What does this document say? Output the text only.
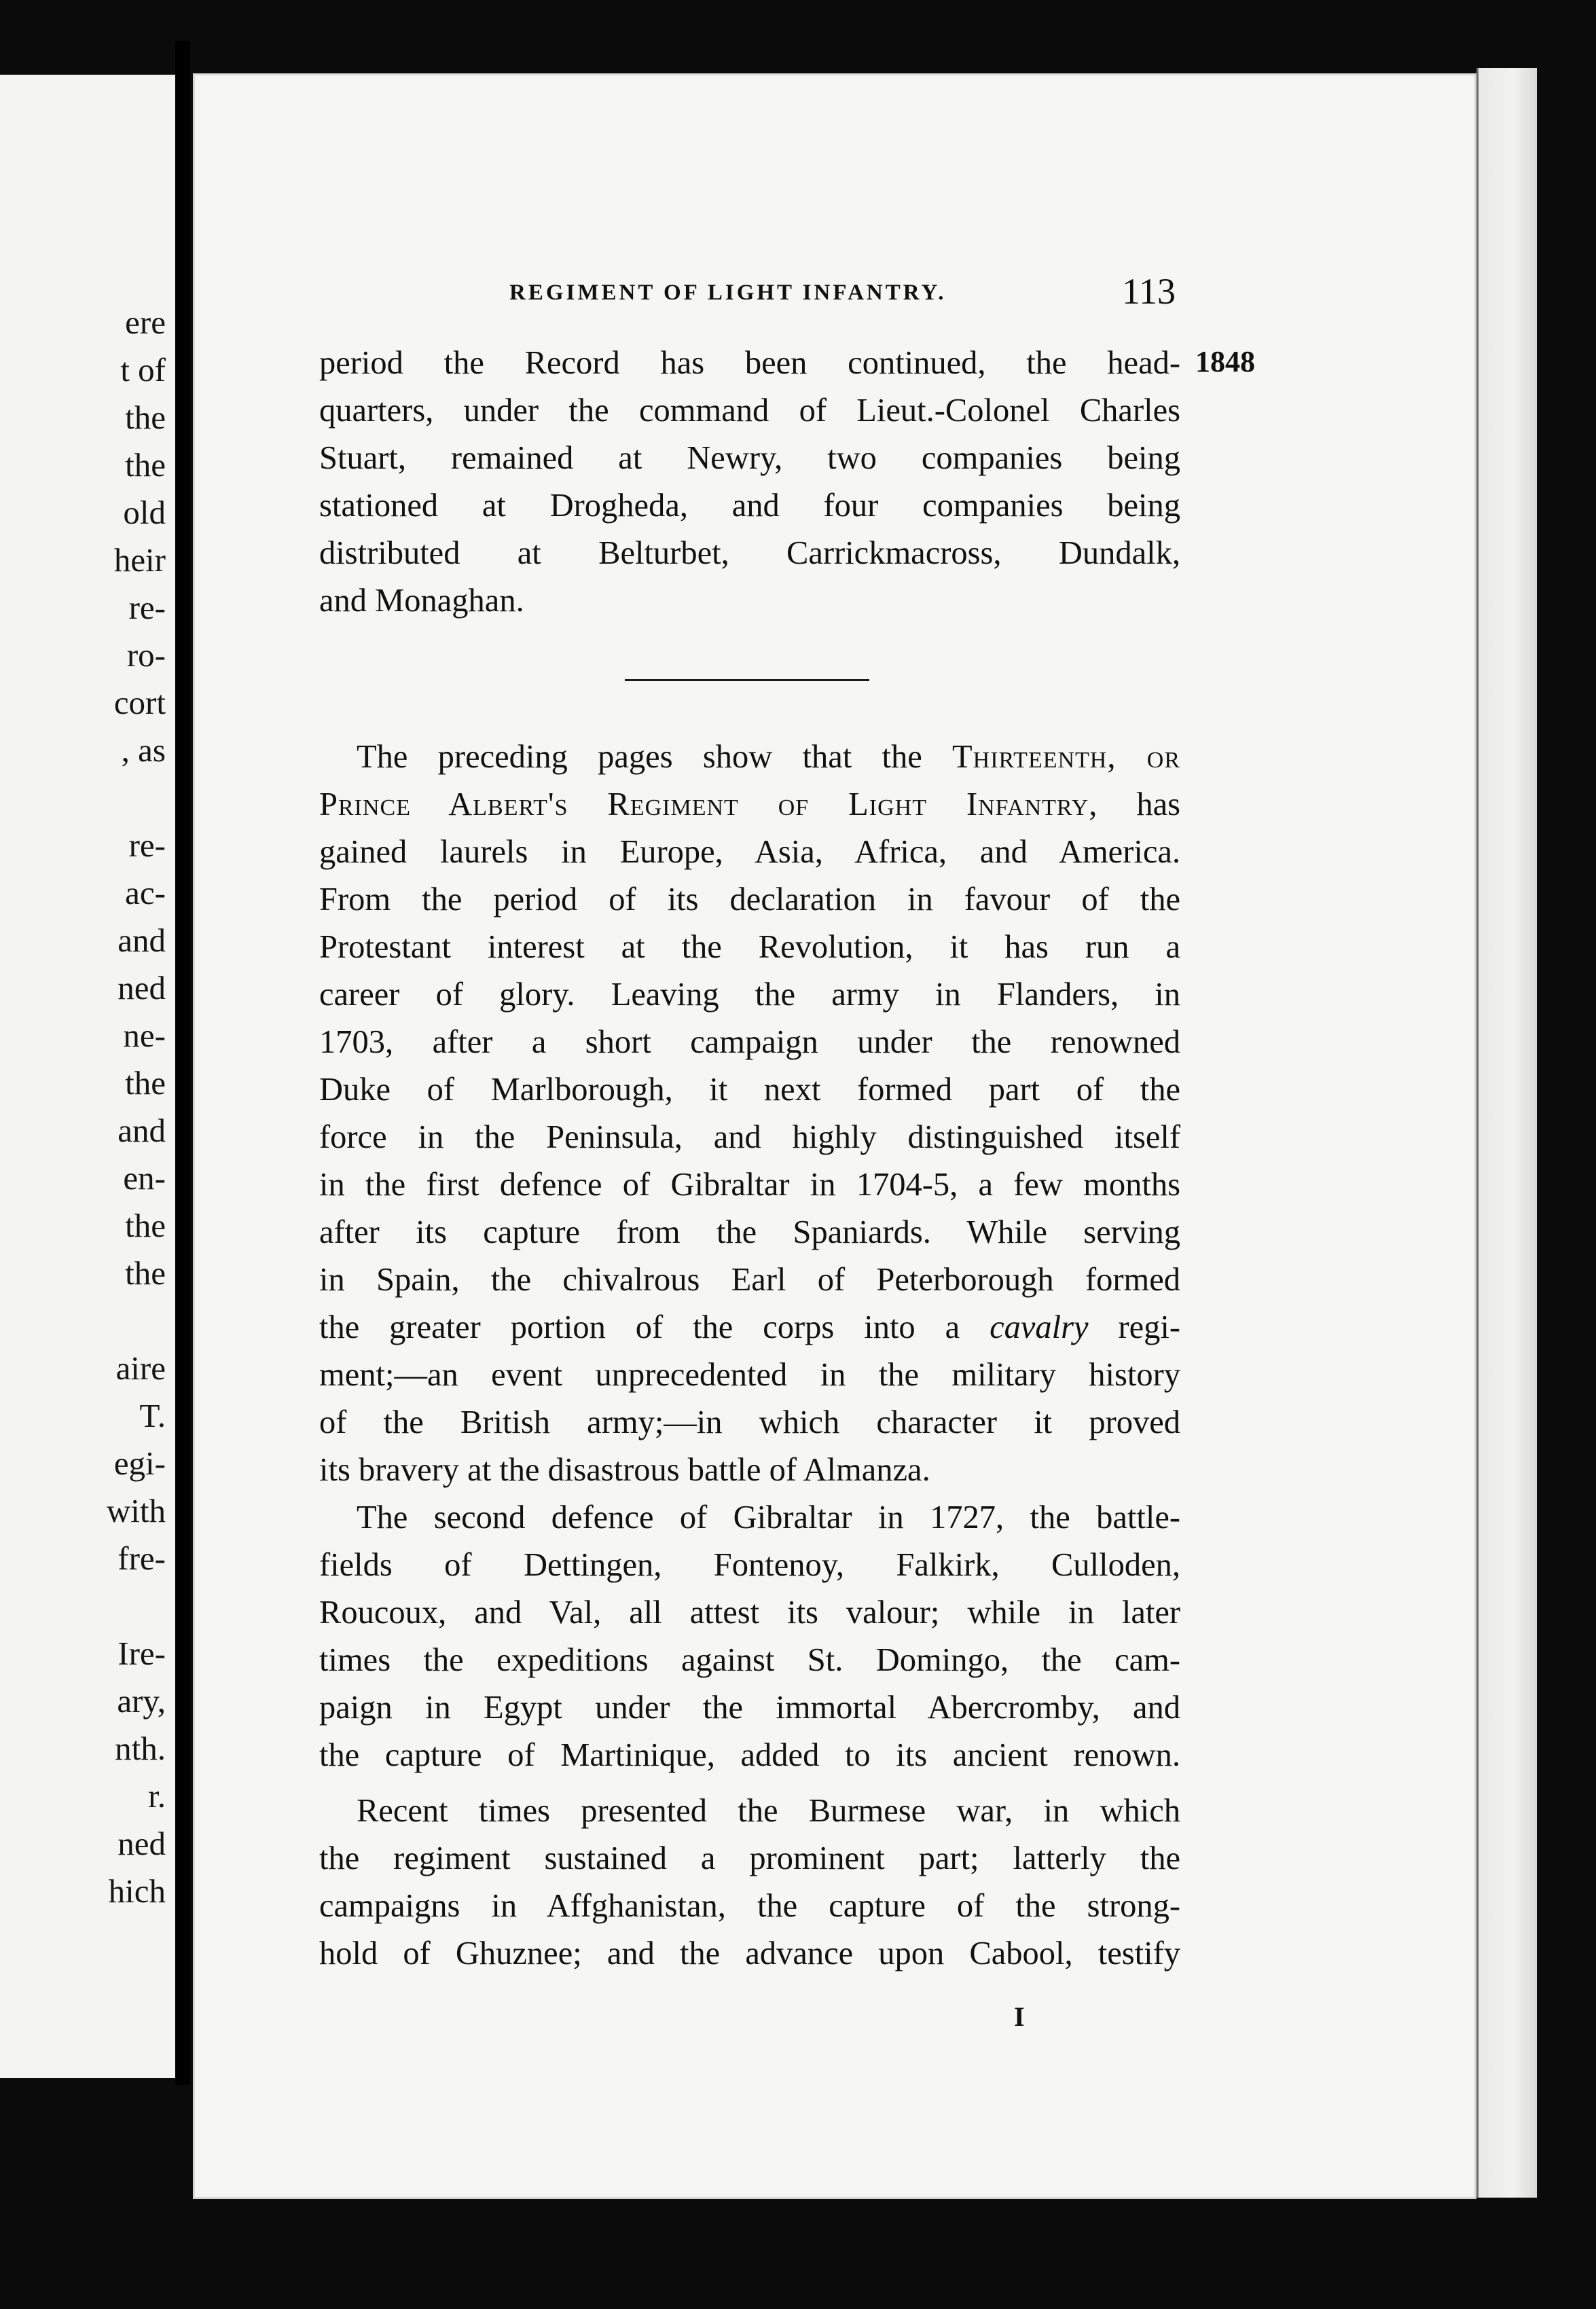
ere
t of
the
the
old
heir
re-
ro-
cort
, as
re-
ac-
and
ned
ne-
the
and
en-
the
the
aire
T.
egi-
with
fre-
Ire-
ary,
nth.
r.
ned
hich
REGIMENT OF LIGHT INFANTRY.	113
1848
period the Record has been continued, the head-
quarters, under the command of Lieut.-Colonel Charles
Stuart, remained at Newry, two companies being
stationed at Drogheda, and four companies being
distributed at Belturbet, Carrickmacross, Dundalk,
and Monaghan.
The preceding pages show that the Thirteenth, or
Prince Albert's Regiment of Light Infantry, has
gained laurels in Europe, Asia, Africa, and America.
From the period of its declaration in favour of the
Protestant interest at the Revolution, it has run a
career of glory. Leaving the army in Flanders, in
1703, after a short campaign under the renowned
Duke of Marlborough, it next formed part of the
force in the Peninsula, and highly distinguished itself
in the first defence of Gibraltar in 1704-5, a few months
after its capture from the Spaniards. While serving
in Spain, the chivalrous Earl of Peterborough formed
the greater portion of the corps into a cavalry regi-
ment;—an event unprecedented in the military history
of the British army;—in which character it proved
its bravery at the disastrous battle of Almanza.
The second defence of Gibraltar in 1727, the battle-
fields of Dettingen, Fontenoy, Falkirk, Culloden,
Roucoux, and Val, all attest its valour; while in later
times the expeditions against St. Domingo, the cam-
paign in Egypt under the immortal Abercromby, and
the capture of Martinique, added to its ancient renown.
Recent times presented the Burmese war, in which
the regiment sustained a prominent part; latterly the
campaigns in Affghanistan, the capture of the strong-
hold of Ghuznee; and the advance upon Cabool, testify
I
